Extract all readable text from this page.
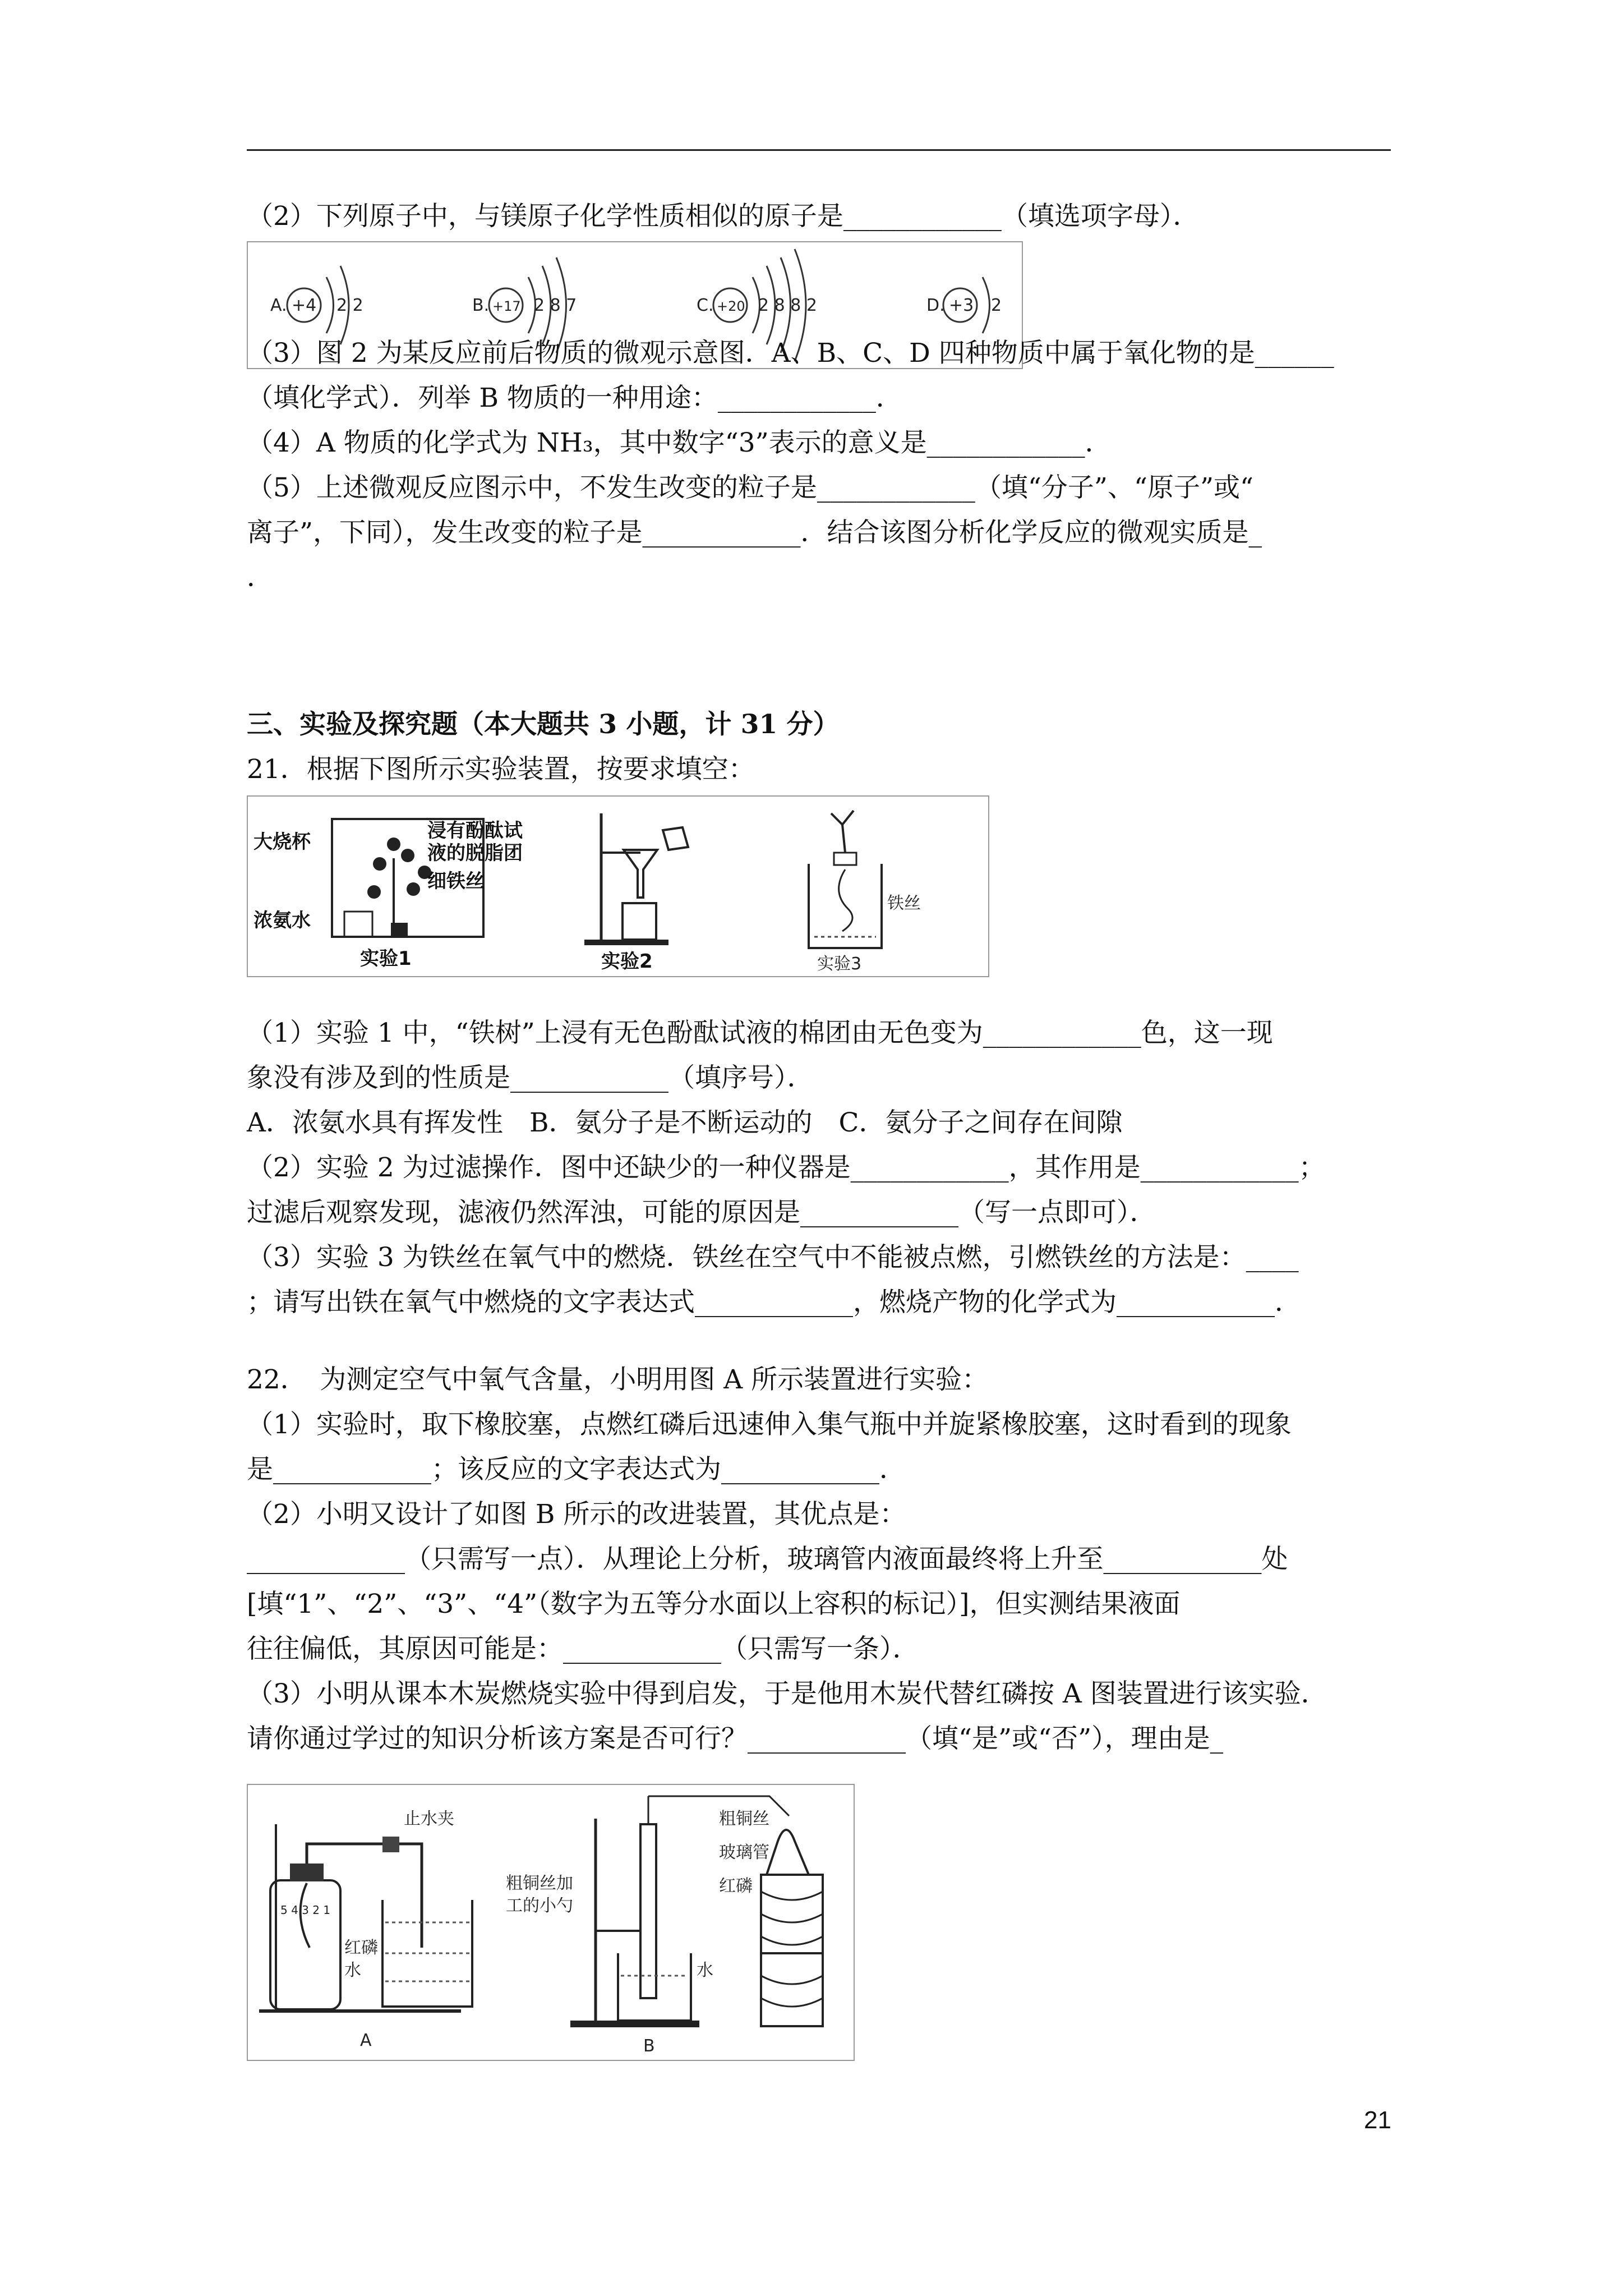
（2）下列原子中，与镁原子化学性质相似的原子是____________（填选项字母）．
A. +4 2 2	B. +17 2 8 7	C. +20 2 8 8 2	D. +3 2
（3）图 2 为某反应前后物质的微观示意图．A、B、C、D 四种物质中属于氧化物的是______
（填化学式）．列举 B 物质的一种用途：____________．
（4）A 物质的化学式为 NH₃，其中数字“3”表示的意义是____________．
（5）上述微观反应图示中，不发生改变的粒子是____________（填“分子”、“原子”或“
离子”，下同），发生改变的粒子是____________．结合该图分析化学反应的微观实质是_
．
三、实验及探究题（本大题共 3 小题，计 31 分）
21．根据下图所示实验装置，按要求填空：
大烧杯	浸有酚酞试
液的脱脂团
细铁丝
浓氨水
实验1	实验2
铁丝
实验3
（1）实验 1 中，“铁树”上浸有无色酚酞试液的棉团由无色变为____________色，这一现
象没有涉及到的性质是____________（填序号）．
A．浓氨水具有挥发性　B．氨分子是不断运动的　C．氨分子之间存在间隙
（2）实验 2 为过滤操作．图中还缺少的一种仪器是____________，其作用是____________；
过滤后观察发现，滤液仍然浑浊，可能的原因是____________（写一点即可）．
（3）实验 3 为铁丝在氧气中的燃烧．铁丝在空气中不能被点燃，引燃铁丝的方法是：____
；请写出铁在氧气中燃烧的文字表达式____________，燃烧产物的化学式为____________．
22．　为测定空气中氧气含量，小明用图 A 所示装置进行实验：
（1）实验时，取下橡胶塞，点燃红磷后迅速伸入集气瓶中并旋紧橡胶塞，这时看到的现象
是____________；该反应的文字表达式为____________．
（2）小明又设计了如图 B 所示的改进装置，其优点是：
____________（只需写一点）．从理论上分析，玻璃管内液面最终将上升至____________处
[填“1”、“2”、“3”、“4”（数字为五等分水面以上容积的标记）]，但实测结果液面
往往偏低，其原因可能是：____________（只需写一条）．
（3）小明从课本木炭燃烧实验中得到启发，于是他用木炭代替红磷按 A 图装置进行该实验．
请你通过学过的知识分析该方案是否可行？____________（填“是”或“否”），理由是_
5 4 3 2 1
止水夹
红磷
水
A
粗铜丝
玻璃管
红磷
粗铜丝加
工的小勺
水
B
21
